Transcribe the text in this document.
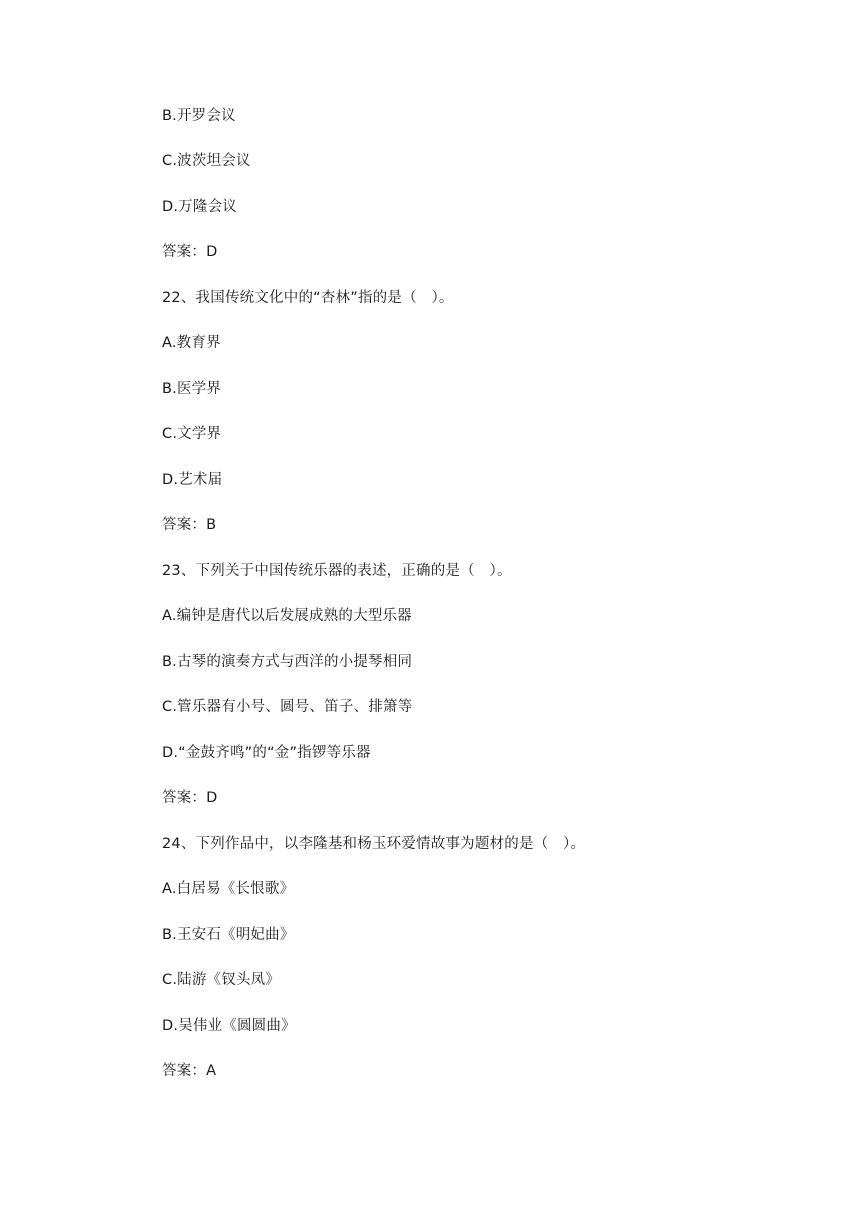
B.开罗会议
C.波茨坦会议
D.万隆会议
答案：D
22、我国传统文化中的“杏林”指的是（　）。
A.教育界
B.医学界
C.文学界
D.艺术届
答案：B
23、下列关于中国传统乐器的表述，正确的是（　）。
A.编钟是唐代以后发展成熟的大型乐器
B.古琴的演奏方式与西洋的小提琴相同
C.管乐器有小号、圆号、笛子、排箫等
D.“金鼓齐鸣”的“金”指锣等乐器
答案：D
24、下列作品中，以李隆基和杨玉环爱情故事为题材的是（　）。
A.白居易《长恨歌》
B.王安石《明妃曲》
C.陆游《钗头凤》
D.吴伟业《圆圆曲》
答案：A
